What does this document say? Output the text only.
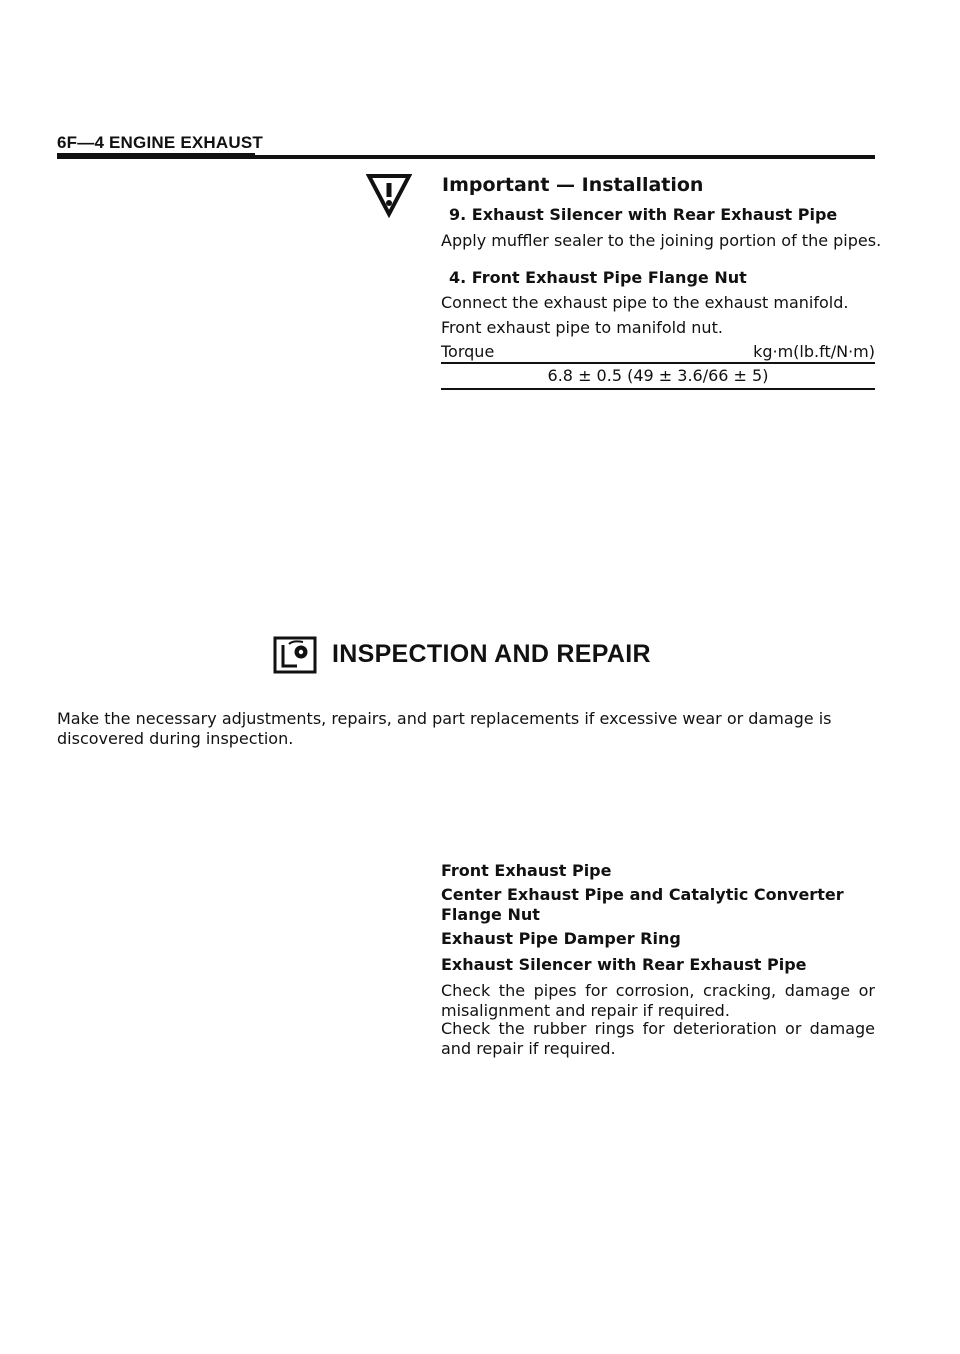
6F—4 ENGINE EXHAUST
Important — Installation
9. Exhaust Silencer with Rear Exhaust Pipe
Apply muffler sealer to the joining portion of the pipes.
4. Front Exhaust Pipe Flange Nut
Connect the exhaust pipe to the exhaust manifold.
Front exhaust pipe to manifold nut.
Torque	kg·m(lb.ft/N·m)
6.8 ± 0.5 (49 ± 3.6/66 ± 5)
INSPECTION AND REPAIR
Make the necessary adjustments, repairs, and part replacements if excessive wear or damage is discovered during inspection.
Front Exhaust Pipe
Center Exhaust Pipe and Catalytic Converter Flange Nut
Exhaust Pipe Damper Ring
Exhaust Silencer with Rear Exhaust Pipe
Check the pipes for corrosion, cracking, damage or misalignment and repair if required.
Check the rubber rings for deterioration or damage and repair if required.
